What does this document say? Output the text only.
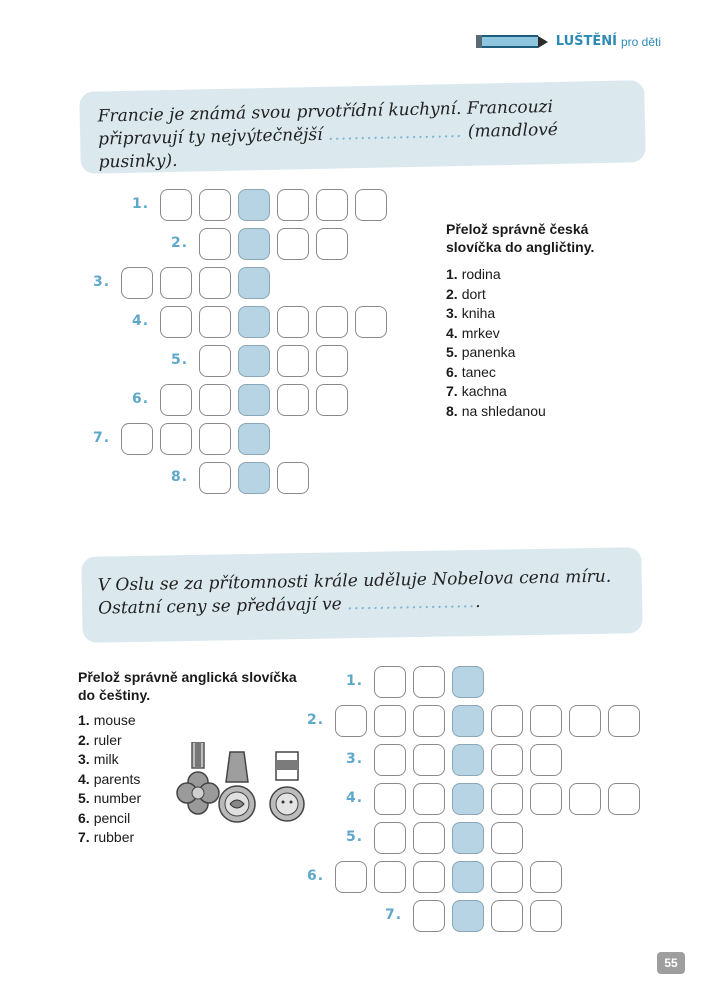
LUŠTĚNÍ pro děti
Francie je známá svou prvotřídní kuchyní. Francouzi připravují ty nejvýtečnější ..................... (mandlové pusinky).
1.
2.
3.
4.
5.
6.
7.
8.
Přelož správně česká
slovíčka do angličtiny.
1. rodina
2. dort
3. kniha
4. mrkev
5. panenka
6. tanec
7. kachna
8. na shledanou
V Oslu se za přítomnosti krále uděluje Nobelova cena míru. Ostatní ceny se předávají ve .....................
Přelož správně anglická slovíčka
do češtiny.
1. mouse
2. ruler
3. milk
4. parents
5. number
6. pencil
7. rubber
1.
2.
3.
4.
5.
6.
7.
55
